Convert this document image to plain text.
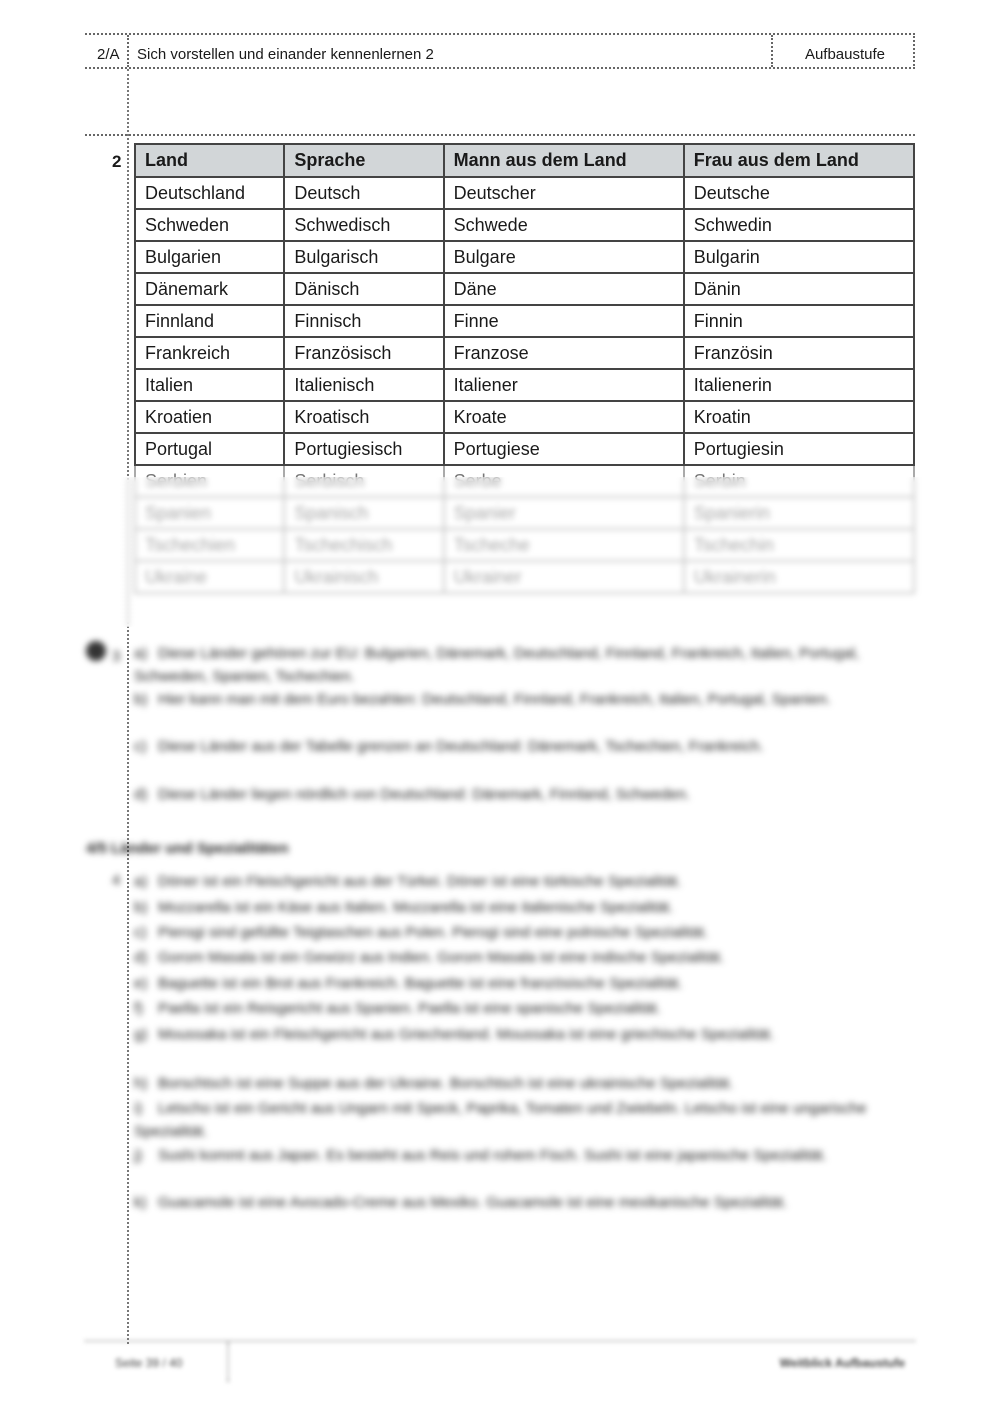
2/A Sich vorstellen und einander kennenlernen 2	Aufbaustufe
2 Land	Sprache	Mann aus dem Land	Frau aus dem Land
Deutschland	Deutsch	Deutscher	Deutsche
Schweden	Schwedisch	Schwede	Schwedin
Bulgarien	Bulgarisch	Bulgare	Bulgarin
Dänemark	Dänisch	Däne	Dänin
Finnland	Finnisch	Finne	Finnin
Frankreich	Französisch	Franzose	Französin
Italien	Italienisch	Italiener	Italienerin
Kroatien	Kroatisch	Kroate	Kroatin
Portugal	Portugiesisch	Portugiese	Portugiesin
Serbien	Serbisch	Serbe	Serbin
Spanien	Spanisch	Spanier	Spanierin
Tschechien	Tschechisch	Tscheche	Tschechin
Ukraine	Ukrainisch	Ukrainer	Ukrainerin
3 a) Diese Länder gehören zur EU: Bulgarien, Dänemark, Deutschland, Finnland, Frankreich, Italien, Portugal, Schweden, Spanien, Tschechien.
b) Hier kann man mit dem Euro bezahlen: Deutschland, Finnland, Frankreich, Italien, Portugal, Spanien.
c) Diese Länder aus der Tabelle grenzen an Deutschland: Dänemark, Tschechien, Frankreich.
d) Diese Länder liegen nördlich von Deutschland: Dänemark, Finnland, Schweden.
4/5 Länder und Spezialitäten
4 a) Döner ist ein Fleischgericht aus der Türkei. Döner ist eine türkische Spezialität.
b) Mozzarella ist ein Käse aus Italien. Mozzarella ist eine italienische Spezialität.
c) Pierogi sind gefüllte Teigtaschen aus Polen. Pierogi sind eine polnische Spezialität.
d) Gorom Masala ist ein Gewürz aus Indien. Gorom Masala ist eine indische Spezialität.
e) Baguette ist ein Brot aus Frankreich. Baguette ist eine französische Spezialität.
f) Paella ist ein Reisgericht aus Spanien. Paella ist eine spanische Spezialität.
g) Moussaka ist ein Fleischgericht aus Griechenland. Moussaka ist eine griechische Spezialität.
h) Borschtsch ist eine Suppe aus der Ukraine. Borschtsch ist eine ukrainische Spezialität.
i) Letscho ist ein Gericht aus Ungarn mit Speck, Paprika, Tomaten und Zwiebeln. Letscho ist eine ungarische Spezialität.
j) Sushi kommt aus Japan. Es besteht aus Reis und rohem Fisch. Sushi ist eine japanische Spezialität.
k) Guacamole ist eine Avocado-Creme aus Mexiko. Guacamole ist eine mexikanische Spezialität.
Seite 39 / 40	Weitblick Aufbaustufe
